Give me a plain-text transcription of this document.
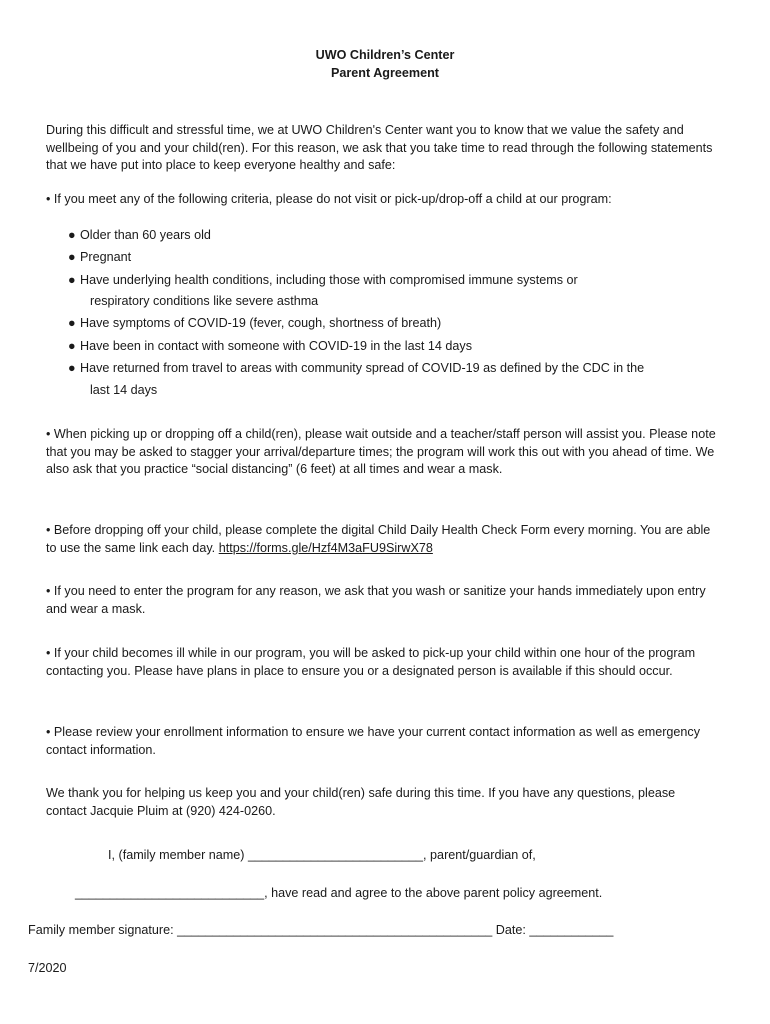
UWO Children’s Center
Parent Agreement

During this difficult and stressful time, we at UWO Children's Center want you to know that we value the safety and wellbeing of you and your child(ren). For this reason, we ask that you take time to read through the following statements that we have put into place to keep everyone healthy and safe:

• If you meet any of the following criteria, please do not visit or pick-up/drop-off a child at our program:

● Older than 60 years old
● Pregnant
● Have underlying health conditions, including those with compromised immune systems or
respiratory conditions like severe asthma
● Have symptoms of COVID-19 (fever, cough, shortness of breath)
● Have been in contact with someone with COVID-19 in the last 14 days
● Have returned from travel to areas with community spread of COVID-19 as defined by the CDC in the
last 14 days

• When picking up or dropping off a child(ren), please wait outside and a teacher/staff person will assist you. Please note that you may be asked to stagger your arrival/departure times; the program will work this out with you ahead of time. We also ask that you practice “social distancing” (6 feet) at all times and wear a mask.

• Before dropping off your child, please complete the digital Child Daily Health Check Form every morning. You are able to use the same link each day. https://forms.gle/Hzf4M3aFU9SirwX78

• If you need to enter the program for any reason, we ask that you wash or sanitize your hands immediately upon entry and wear a mask.

• If your child becomes ill while in our program, you will be asked to pick-up your child within one hour of the program contacting you. Please have plans in place to ensure you or a designated person is available if this should occur.

• Please review your enrollment information to ensure we have your current contact information as well as emergency contact information.

We thank you for helping us keep you and your child(ren) safe during this time. If you have any questions, please contact Jacquie Pluim at (920) 424-0260.

I, (family member name) _________________________, parent/guardian of,
___________________________, have read and agree to the above parent policy agreement.
Family member signature: _____________________________________________ Date: ____________
7/2020
